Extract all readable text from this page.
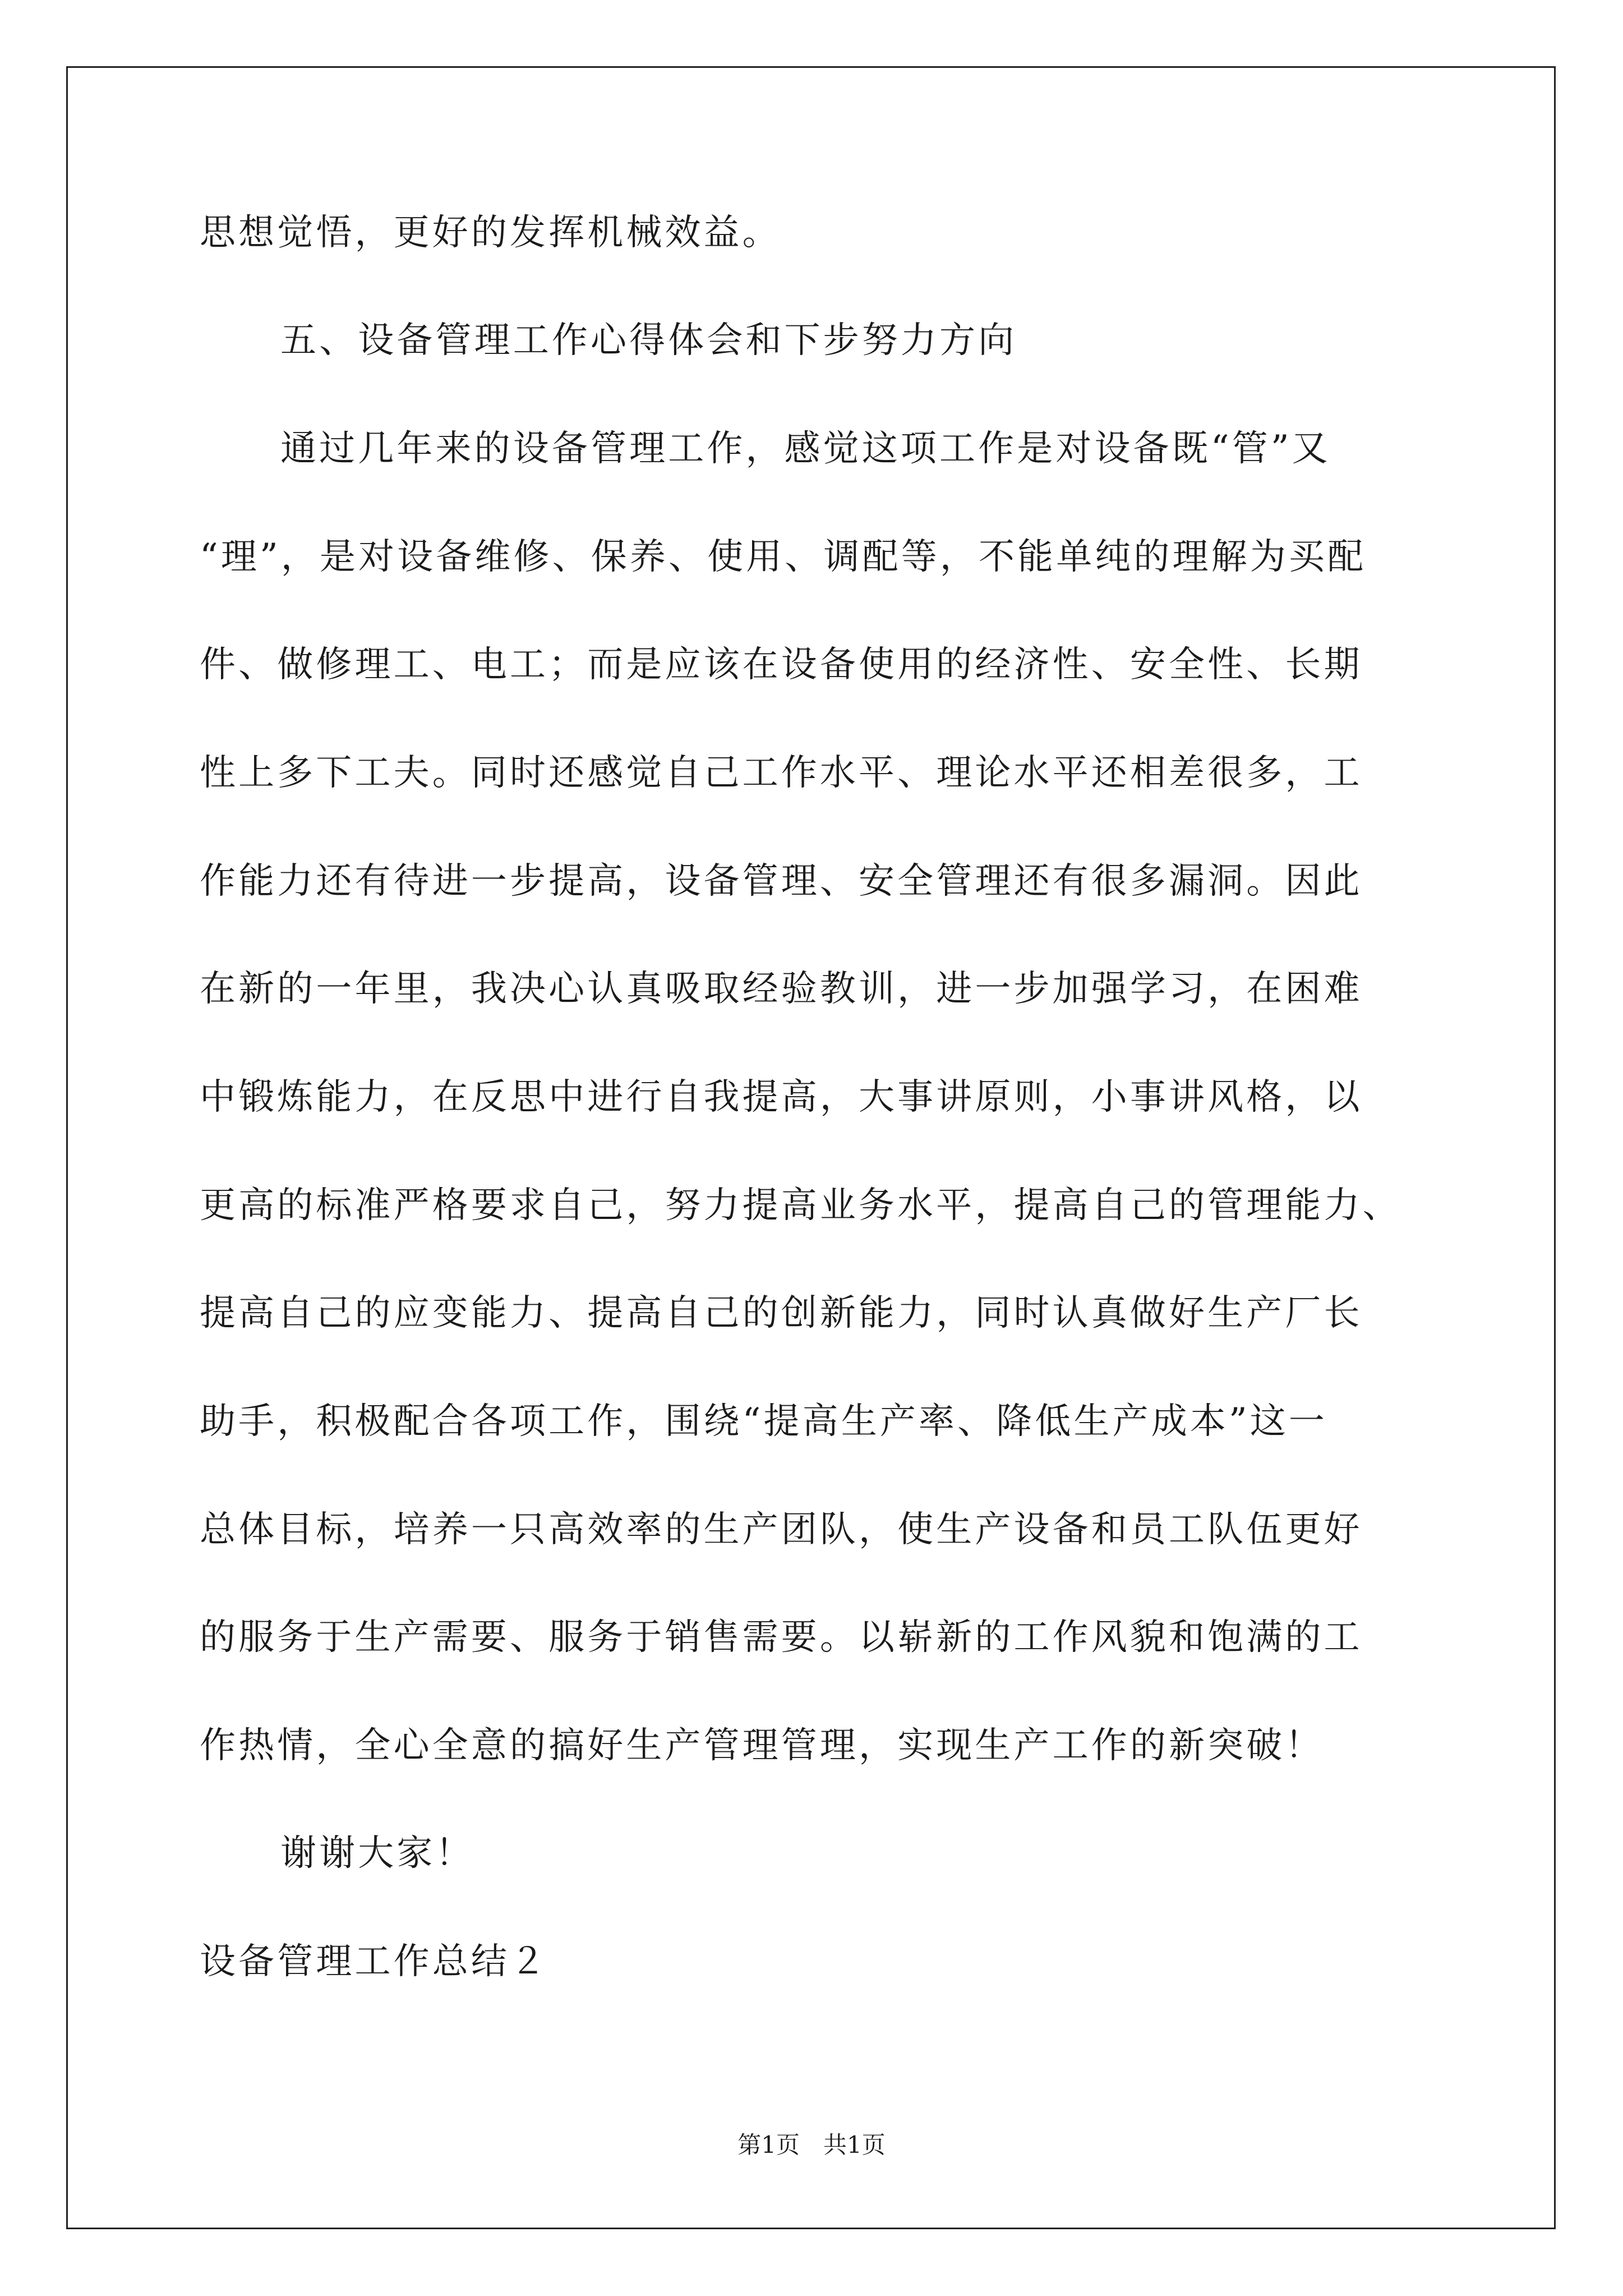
思想觉悟，更好的发挥机械效益。
五、设备管理工作心得体会和下步努力方向
通过几年来的设备管理工作，感觉这项工作是对设备既“管”又
“理”，是对设备维修、保养、使用、调配等，不能单纯的理解为买配
件、做修理工、电工；而是应该在设备使用的经济性、安全性、长期
性上多下工夫。同时还感觉自己工作水平、理论水平还相差很多，工
作能力还有待进一步提高，设备管理、安全管理还有很多漏洞。因此
在新的一年里，我决心认真吸取经验教训，进一步加强学习，在困难
中锻炼能力，在反思中进行自我提高，大事讲原则，小事讲风格，以
更高的标准严格要求自己，努力提高业务水平，提高自己的管理能力、
提高自己的应变能力、提高自己的创新能力，同时认真做好生产厂长
助手，积极配合各项工作，围绕“提高生产率、降低生产成本”这一
总体目标，培养一只高效率的生产团队，使生产设备和员工队伍更好
的服务于生产需要、服务于销售需要。以崭新的工作风貌和饱满的工
作热情，全心全意的搞好生产管理管理，实现生产工作的新突破！
谢谢大家！
设备管理工作总结２
第1页　共1页
